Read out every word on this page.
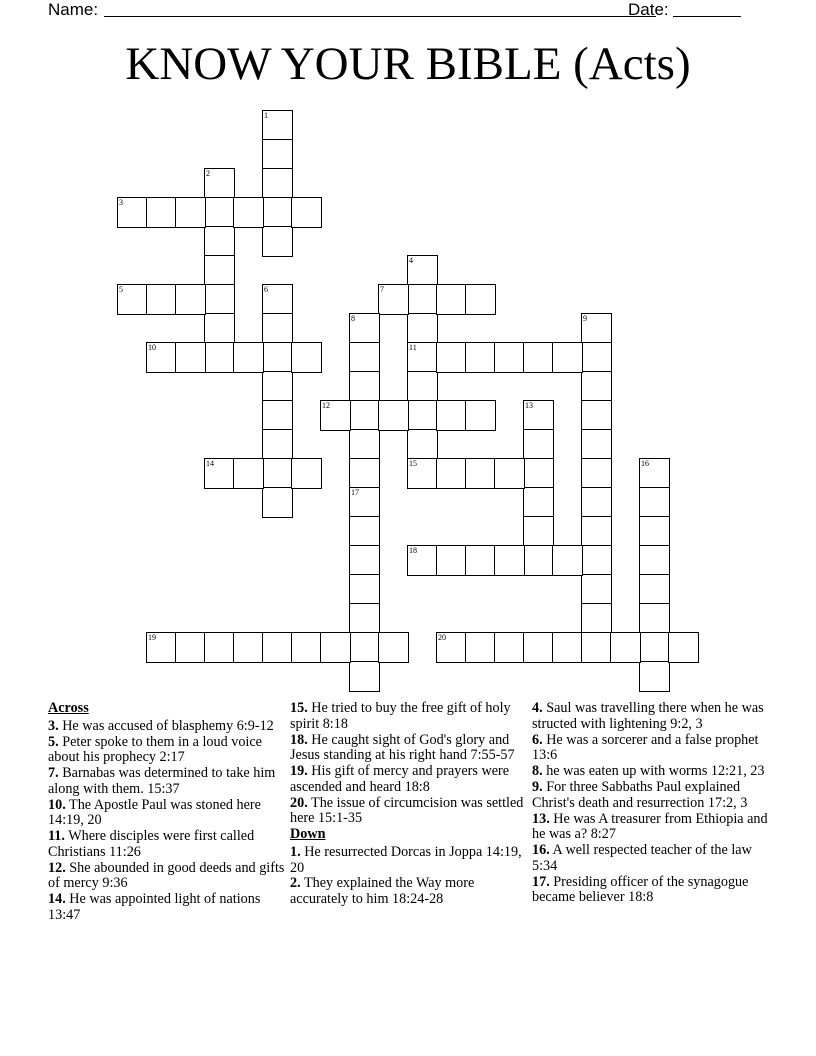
Name:	Date:
KNOW YOUR BIBLE (Acts)
1
2
3
4
11
15
5	6	7
8	9
10
12	13
14	16
17
18
19	20
Across
3. He was accused of blasphemy 6:9-12
5. Peter spoke to them in a loud voice about his prophecy 2:17
7. Barnabas was determined to take him along with them. 15:37
10. The Apostle Paul was stoned here 14:19, 20
11. Where disciples were first called Christians 11:26
12. She abounded in good deeds and gifts of mercy 9:36
14. He was appointed light of nations 13:47
15. He tried to buy the free gift of holy spirit 8:18
18. He caught sight of God's glory and Jesus standing at his right hand 7:55-57
19. His gift of mercy and prayers were ascended and heard 18:8
20. The issue of circumcision was settled here 15:1-35
Down
1. He resurrected Dorcas in Joppa 14:19, 20
2. They explained the Way more accurately to him 18:24-28
4. Saul was travelling there when he was structed with lightening 9:2, 3
6. He was a sorcerer and a false prophet 13:6
8. he was eaten up with worms 12:21, 23
9. For three Sabbaths Paul explained Christ's death and resurrection 17:2, 3
13. He was A treasurer from Ethiopia and he was a? 8:27
16. A well respected teacher of the law 5:34
17. Presiding officer of the synagogue became believer 18:8
